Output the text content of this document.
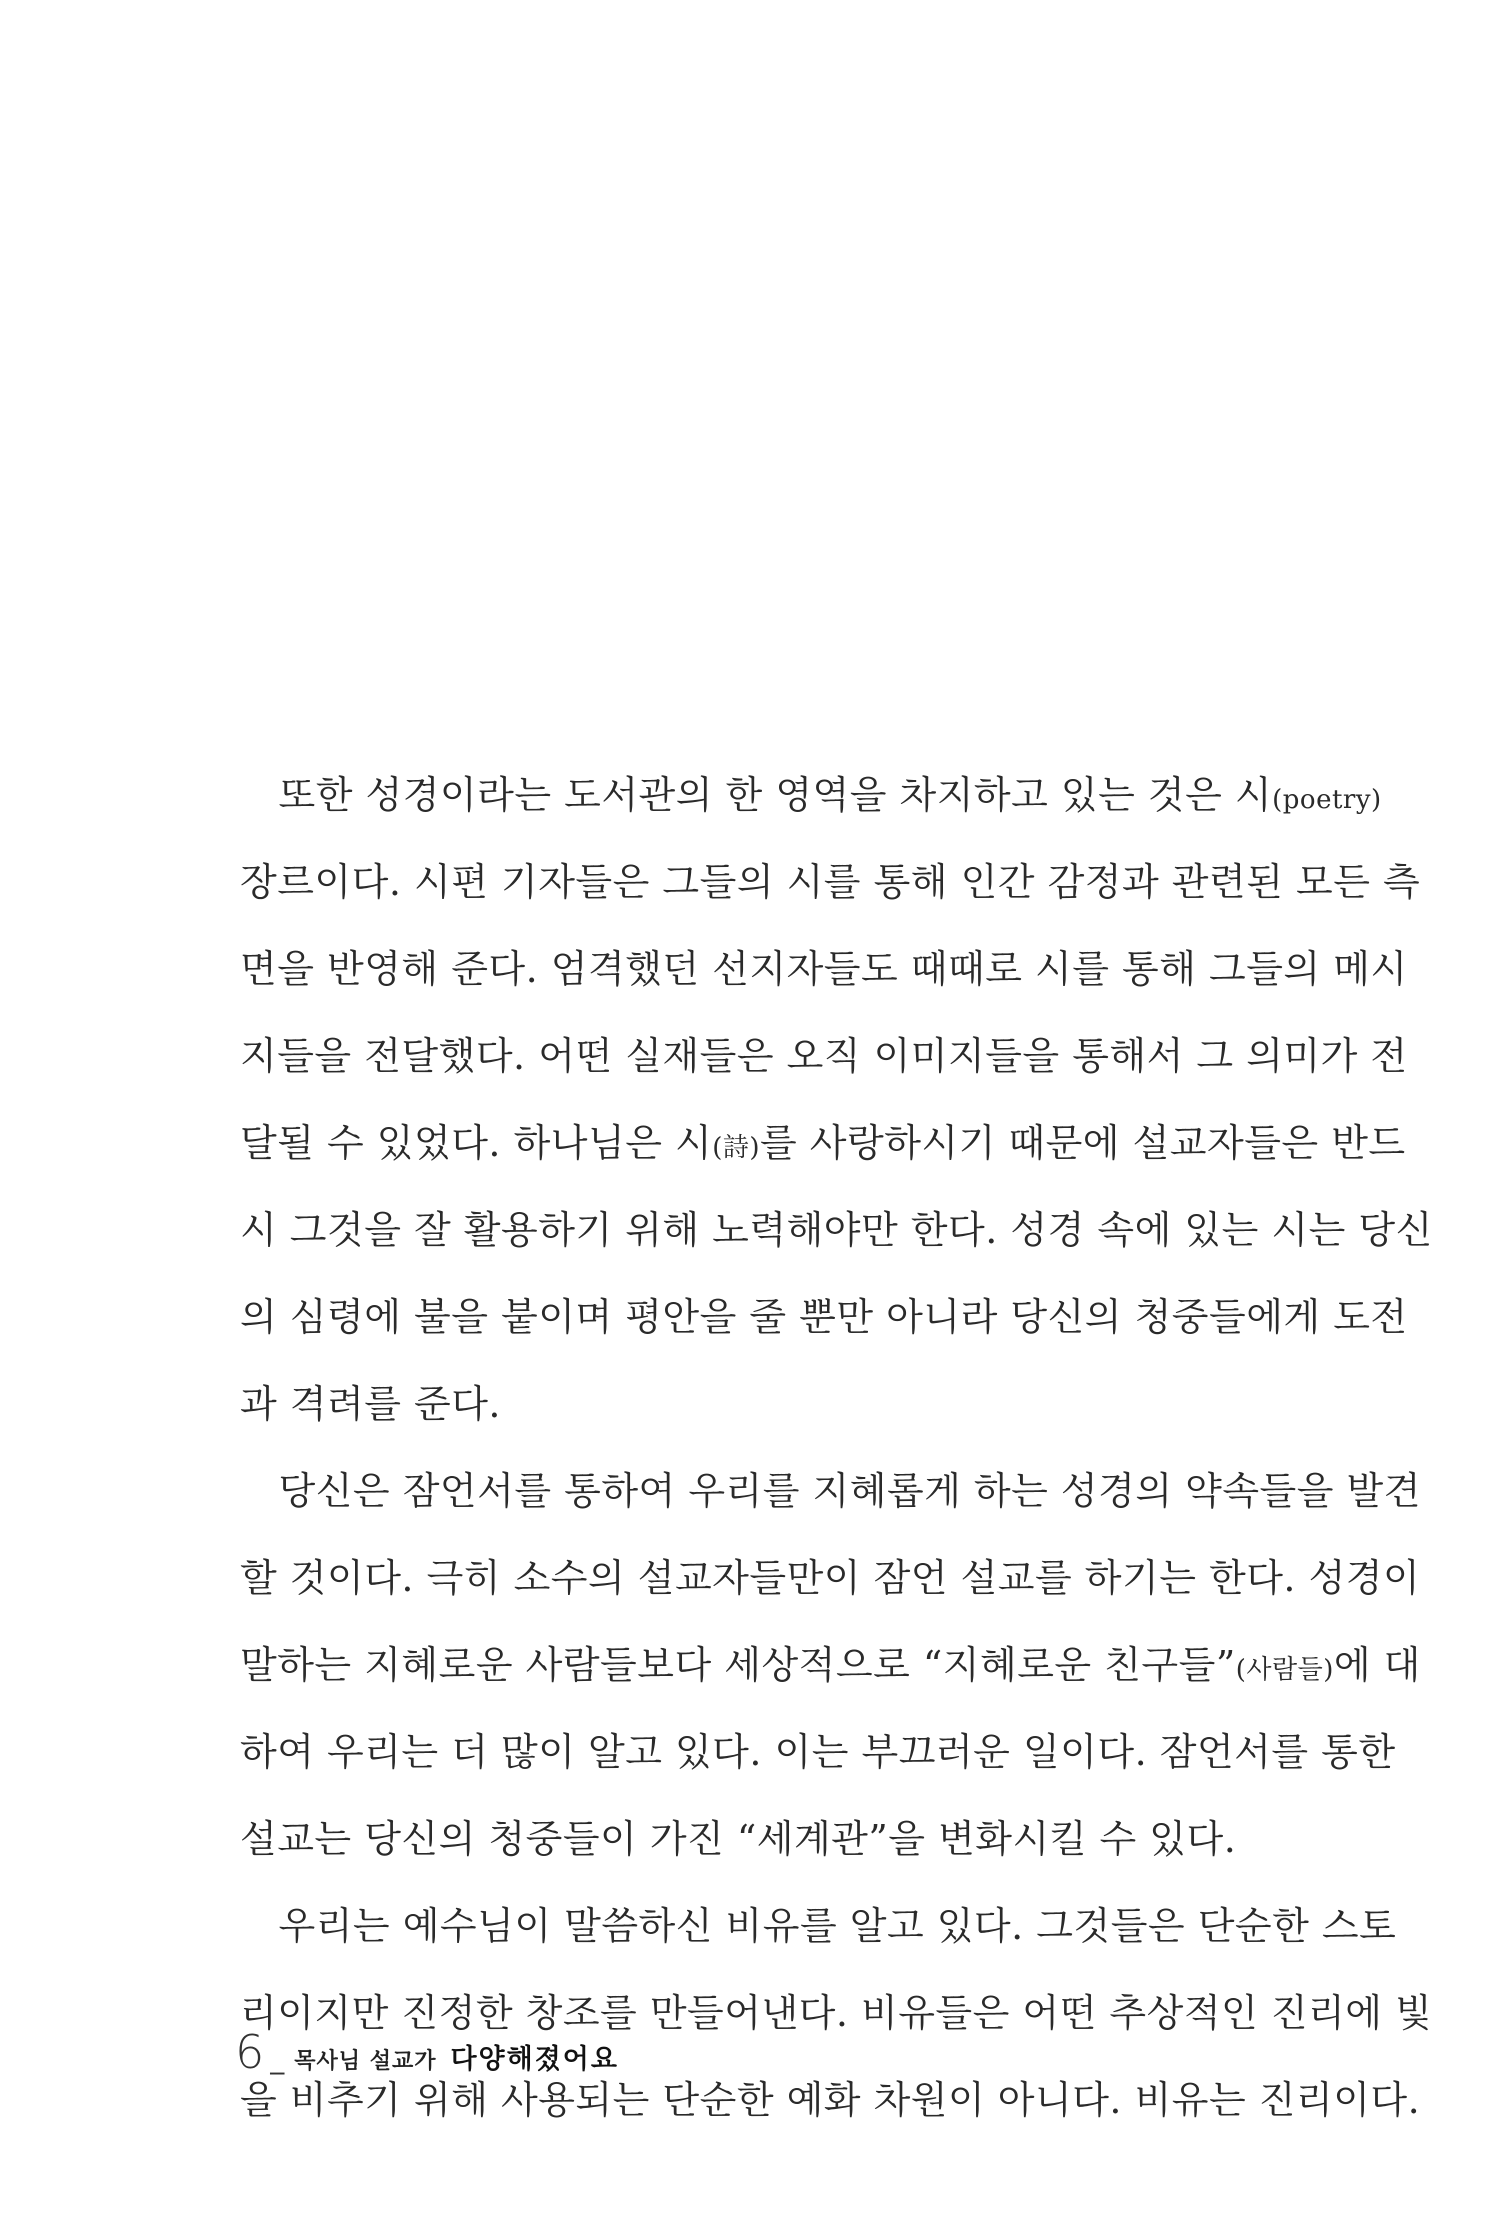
　또한 성경이라는 도서관의 한 영역을 차지하고 있는 것은 시(poetry)
장르이다. 시편 기자들은 그들의 시를 통해 인간 감정과 관련된 모든 측
면을 반영해 준다. 엄격했던 선지자들도 때때로 시를 통해 그들의 메시
지들을 전달했다. 어떤 실재들은 오직 이미지들을 통해서 그 의미가 전
달될 수 있었다. 하나님은 시(詩)를 사랑하시기 때문에 설교자들은 반드
시 그것을 잘 활용하기 위해 노력해야만 한다. 성경 속에 있는 시는 당신
의 심령에 불을 붙이며 평안을 줄 뿐만 아니라 당신의 청중들에게 도전
과 격려를 준다.
　당신은 잠언서를 통하여 우리를 지혜롭게 하는 성경의 약속들을 발견
할 것이다. 극히 소수의 설교자들만이 잠언 설교를 하기는 한다. 성경이
말하는 지혜로운 사람들보다 세상적으로 “지혜로운 친구들”(사람들)에 대
하여 우리는 더 많이 알고 있다. 이는 부끄러운 일이다. 잠언서를 통한
설교는 당신의 청중들이 가진 “세계관”을 변화시킬 수 있다.
　우리는 예수님이 말씀하신 비유를 알고 있다. 그것들은 단순한 스토
리이지만 진정한 창조를 만들어낸다. 비유들은 어떤 추상적인 진리에 빛
을 비추기 위해 사용되는 단순한 예화 차원이 아니다. 비유는 진리이다.
6 _ 목사님 설교가 다양해졌어요
